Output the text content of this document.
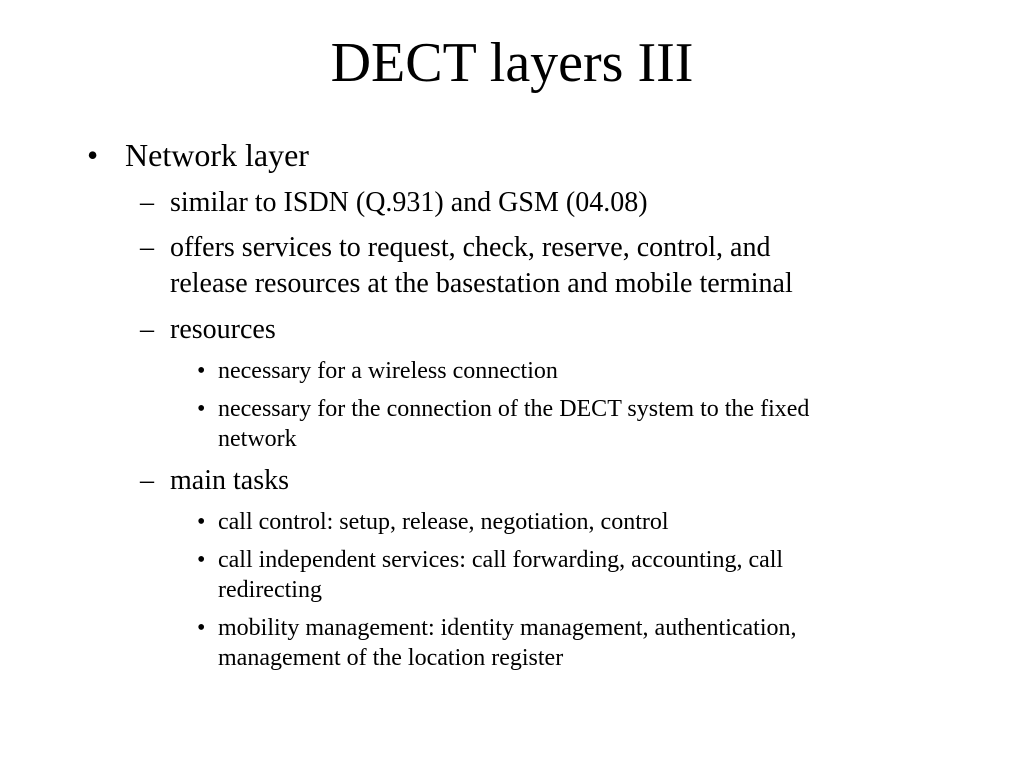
DECT layers III
• Network layer
– similar to ISDN (Q.931) and GSM (04.08)
– offers services to request, check, reserve, control, and
release resources at the basestation and mobile terminal
– resources
• necessary for a wireless connection
• necessary for the connection of the DECT system to the fixed
network
– main tasks
• call control: setup, release, negotiation, control
• call independent services: call forwarding, accounting, call
redirecting
• mobility management: identity management, authentication,
management of the location register
